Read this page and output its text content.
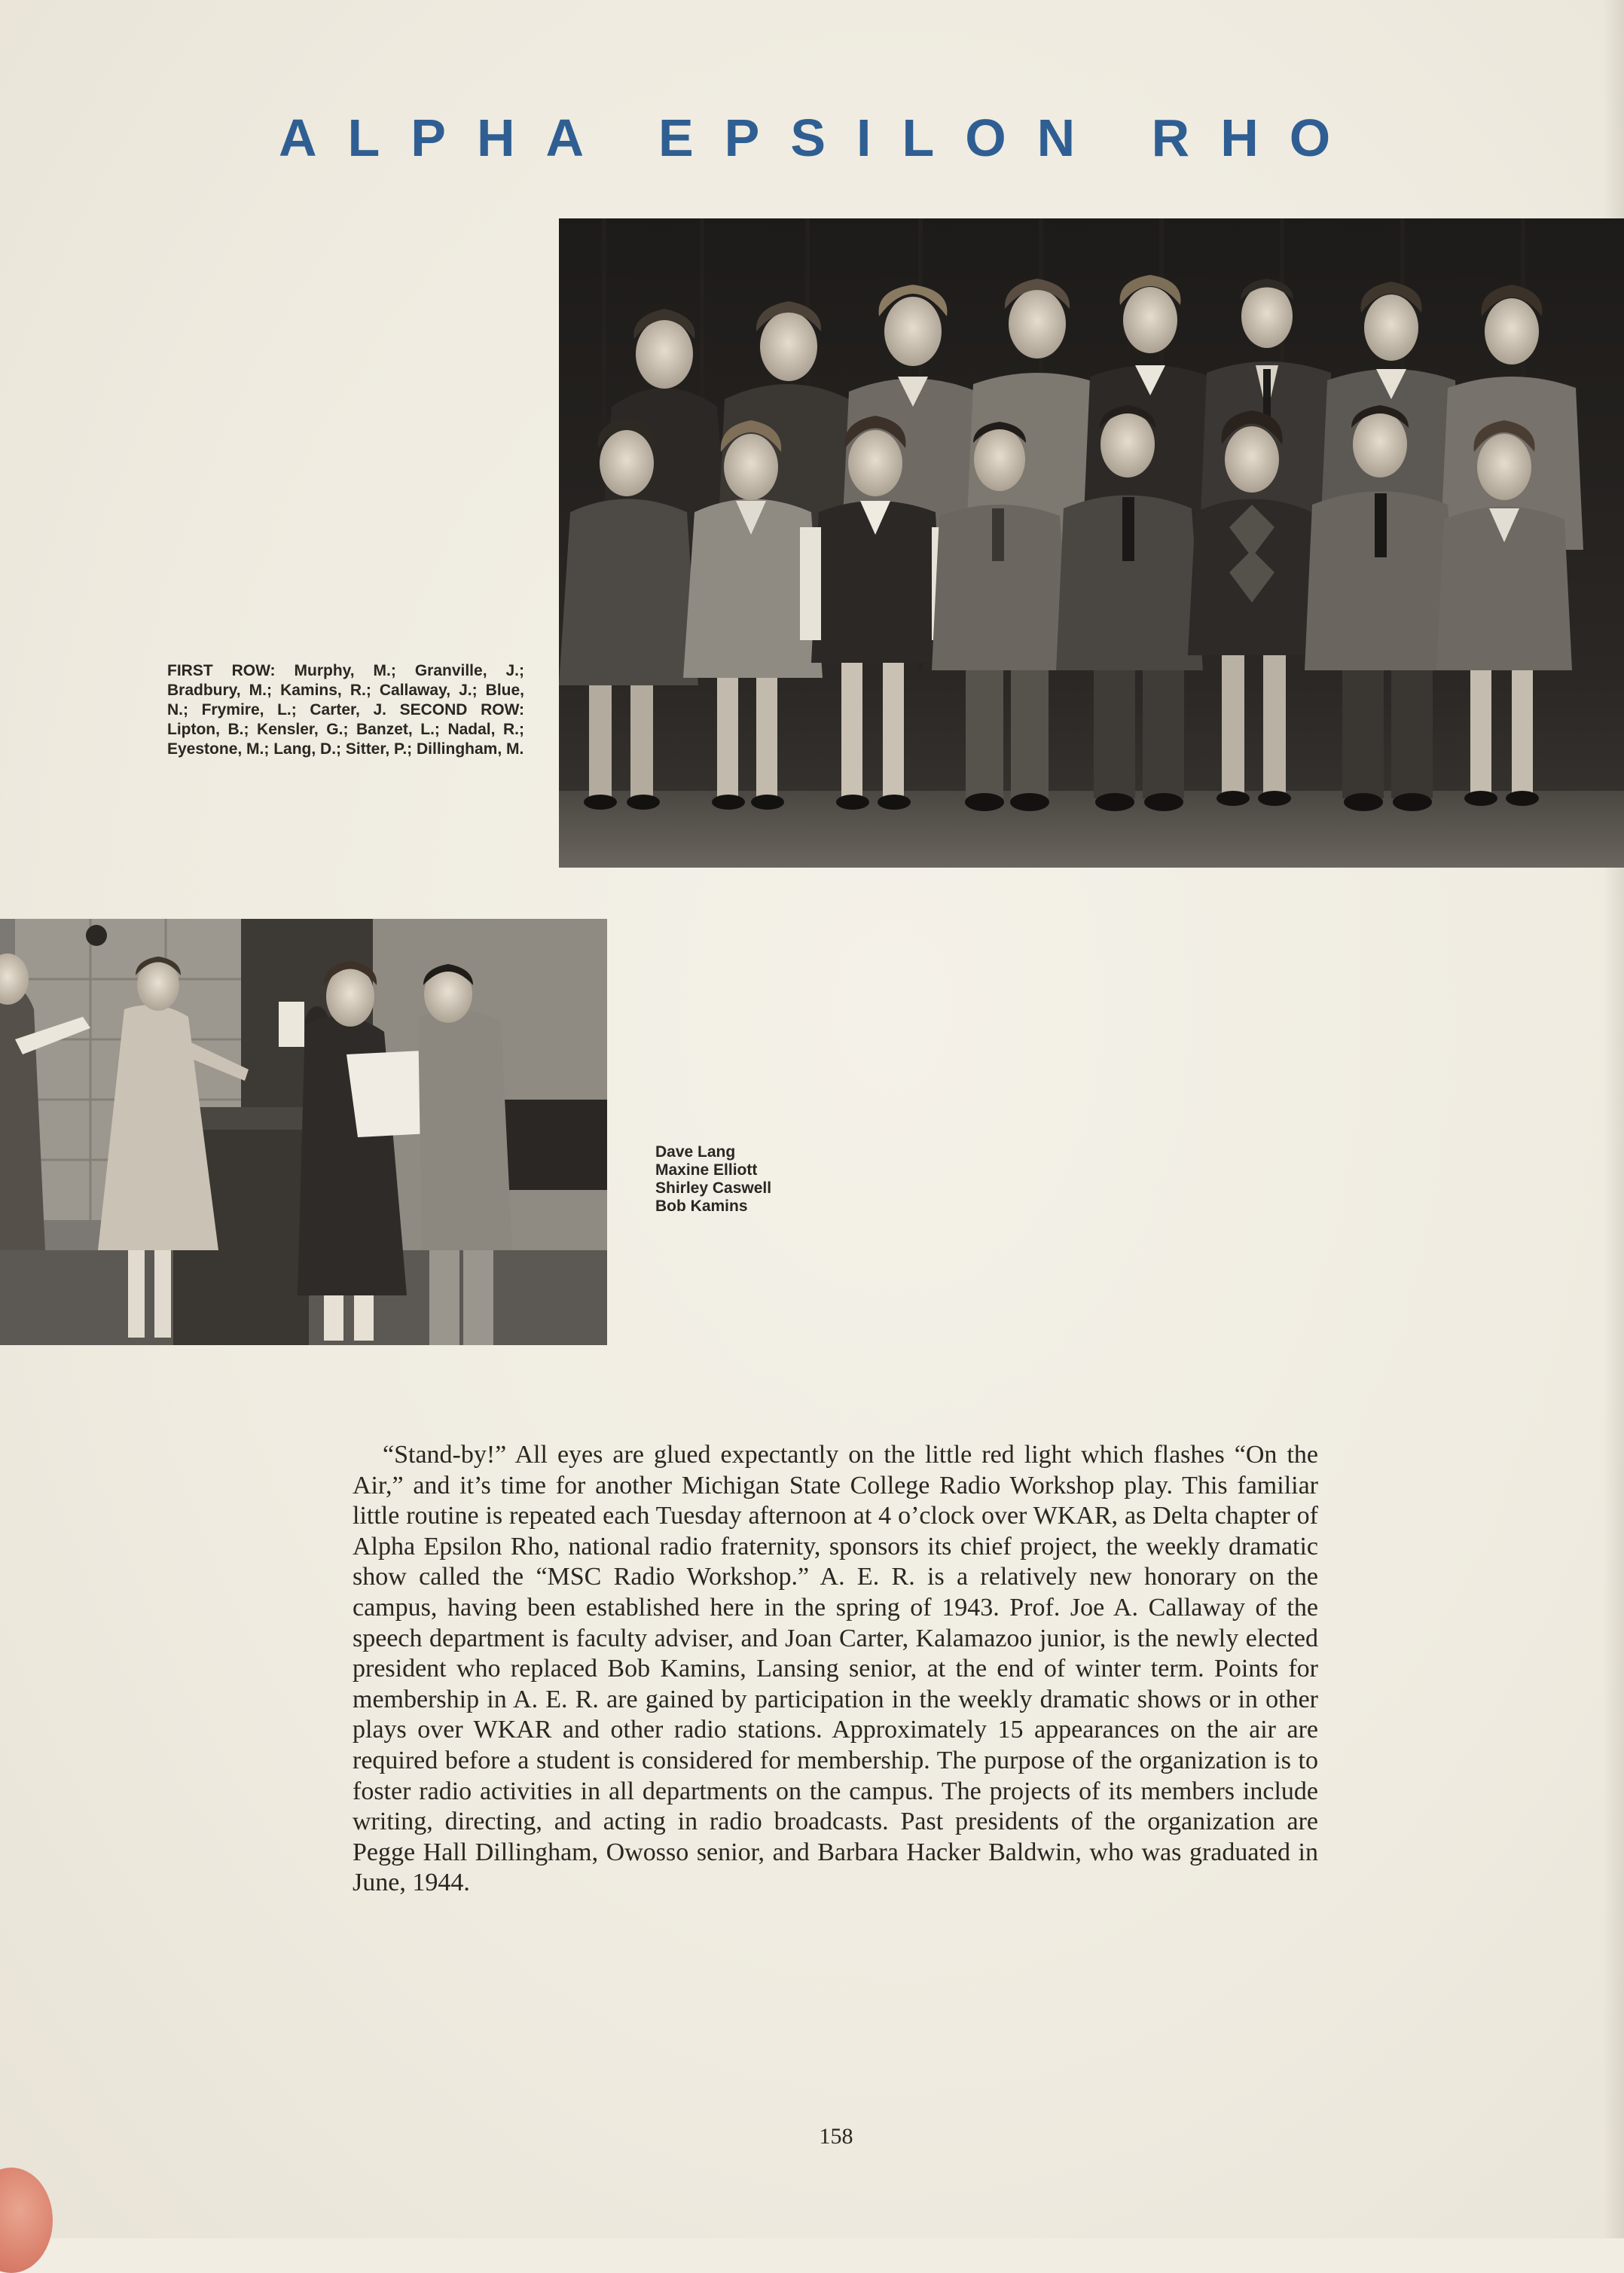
ALPHA EPSILON RHO

FIRST ROW: Murphy, M.; Granville, J.; Bradbury, M.; Kamins, R.; Callaway, J.; Blue, N.; Frymire, L.; Carter, J. SECOND ROW: Lipton, B.; Kensler, G.; Banzet, L.; Nadal, R.; Eyestone, M.; Lang, D.; Sitter, P.; Dillingham, M.

Dave Lang
Maxine Elliott
Shirley Caswell
Bob Kamins

“Stand-by!” All eyes are glued expectantly on the little red light which flashes “On the Air,” and it’s time for another Michigan State College Radio Workshop play. This familiar little routine is repeated each Tuesday afternoon at 4 o’clock over WKAR, as Delta chapter of Alpha Epsilon Rho, national radio fraternity, sponsors its chief project, the weekly dramatic show called the “MSC Radio Workshop.” A. E. R. is a relatively new honorary on the campus, having been established here in the spring of 1943. Prof. Joe A. Callaway of the speech department is faculty adviser, and Joan Carter, Kalamazoo junior, is the newly elected president who replaced Bob Kamins, Lansing senior, at the end of winter term. Points for membership in A. E. R. are gained by participation in the weekly dramatic shows or in other plays over WKAR and other radio stations. Approximately 15 appearances on the air are required before a student is considered for membership. The purpose of the organization is to foster radio activities in all departments on the campus. The projects of its members include writing, directing, and acting in radio broadcasts. Past presidents of the organization are Pegge Hall Dillingham, Owosso senior, and Barbara Hacker Baldwin, who was graduated in June, 1944.

158
